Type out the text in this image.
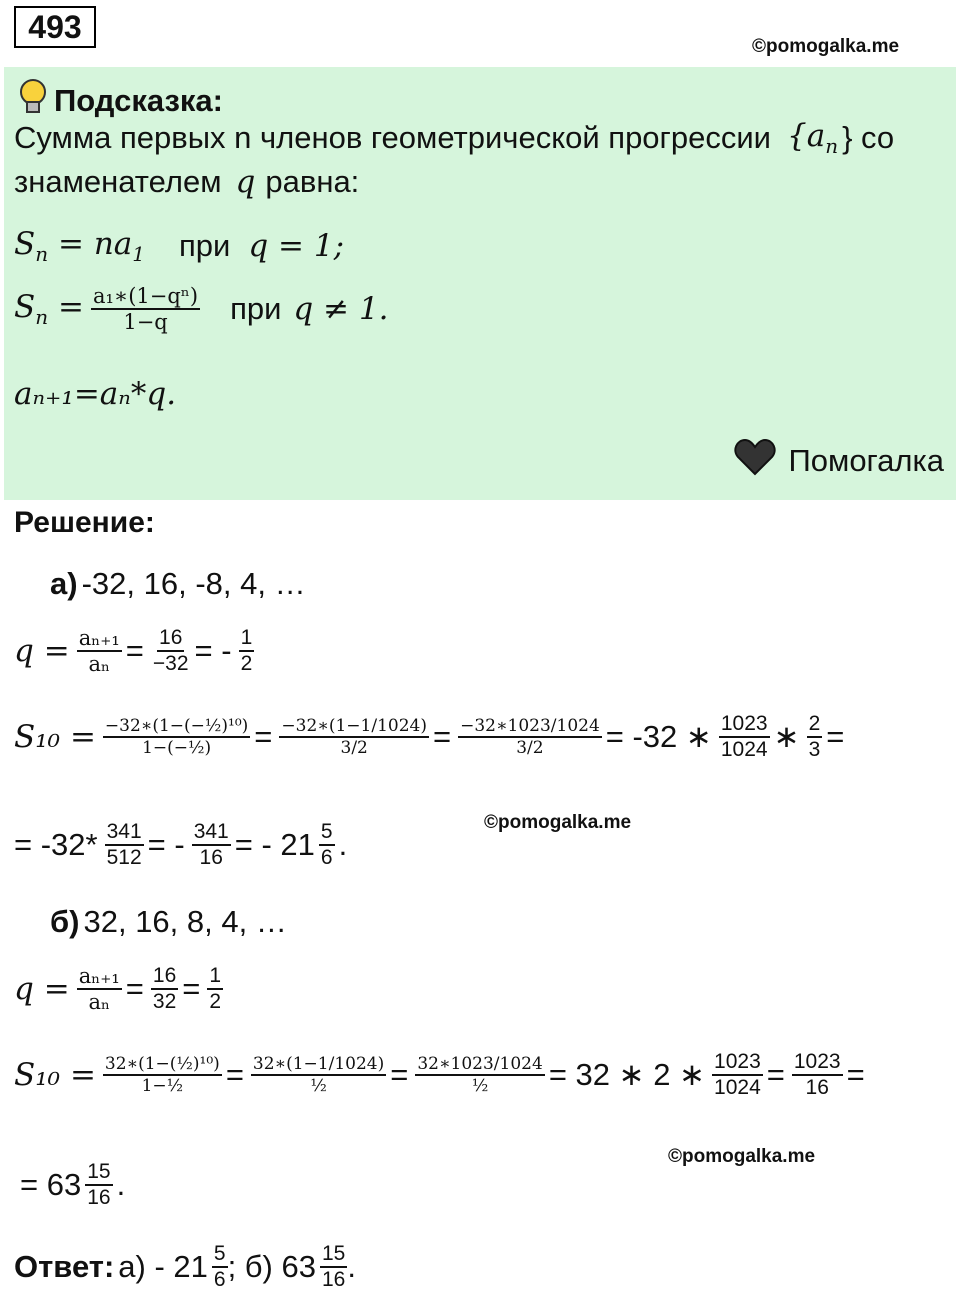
493
©pomogalka.me
Подсказка:
Сумма первых n членов геометрической прогрессии {$a_n$ } со
знаменателем q равна:
$S_n = na_1$ при q = 1;
$S_n = \frac{\text{a₁∗(1−qⁿ)}}{1-q}$ при q ≠ 1.
aₙ₊₁=aₙ*q.
Помогалка
Решение:
а) -32, 16, -8, 4, …
$q = \frac{\text{aₙ₊₁}}{\text{aₙ}} = \frac{16}{-32}$ = - 1
2
$S_{10} = \frac{\text{−32∗(1−(−½)¹⁰)}}{\text{1−(−½)}} = \frac{-32∗(1-1/1024)}{3/2} = \frac{-32∗1023/1024}{3/2} = -32$ ∗ 1023
1024 ∗ $\frac{2}{3}$ =
©pomogalka.me
= $-32* \frac{341}{512}$ = - $\frac{341}{16}$ = - 21 5
6 .
б) 32, 16, 8, 4, …
$q = \frac{\text{aₙ₊₁}}{\text{aₙ}} = \frac{16}{32} = \frac{1}{2}$
$S_{10} = \frac{\text{32∗(1−(½)¹⁰)}}{\text{1−½}}$ = 32∗(1−1/1024)
½ = 32∗1023/1024
½ = 32 ∗ 2 ∗ $\frac{1023}{1024} = \frac{1023}{16}$ =
©pomogalka.me
= 63 15
16 .
Ответ: а) - 21 5
6 ; б) 63 15
16 .
